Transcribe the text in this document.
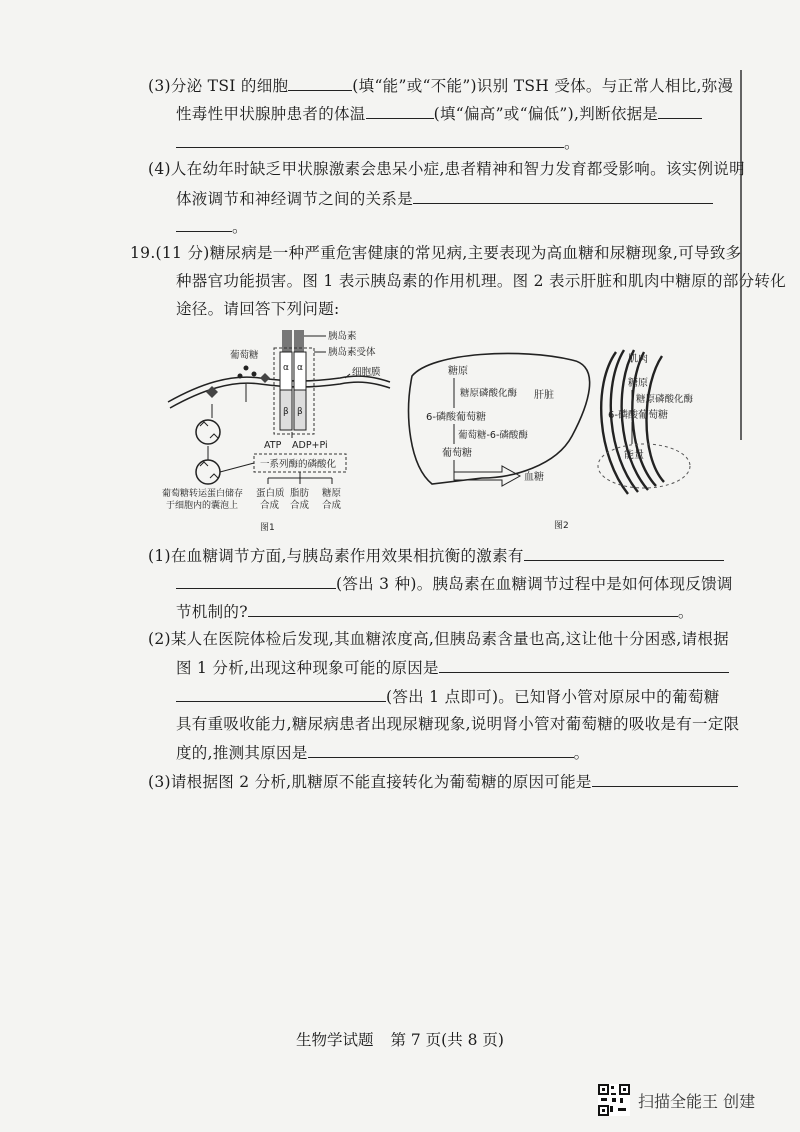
(3)分泌 TSI 的细胞	(填“能”或“不能”)识别 TSH 受体。与正常人相比,弥漫
性毒性甲状腺肿患者的体温	(填“偏高”或“偏低”),判断依据是
。
(4)人在幼年时缺乏甲状腺激素会患呆小症,患者精神和智力发育都受影响。该实例说明
体液调节和神经调节之间的关系是
。
19.(11 分)糖尿病是一种严重危害健康的常见病,主要表现为高血糖和尿糖现象,可导致多
种器官功能损害。图 1 表示胰岛素的作用机理。图 2 表示肝脏和肌肉中糖原的部分转化
途径。请回答下列问题:
α α
β β
胰岛素
胰岛素受体
细胞膜
葡萄糖
ATP ADP+Pi
一系列酶的磷酸化
蛋白质
合成
脂肪
合成
糖原
合成
葡萄糖转运蛋白储存
于细胞内的囊泡上
图1
糖原
糖原磷酸化酶
6-磷酸葡萄糖
葡萄糖-6-磷酸酶
葡萄糖
肝脏
血糖
肌肉
糖原
糖原磷酸化酶
6-磷酸葡萄糖
能量
图2
(1)在血糖调节方面,与胰岛素作用效果相抗衡的激素有
(答出 3 种)。胰岛素在血糖调节过程中是如何体现反馈调
节机制的?	。
(2)某人在医院体检后发现,其血糖浓度高,但胰岛素含量也高,这让他十分困惑,请根据
图 1 分析,出现这种现象可能的原因是
(答出 1 点即可)。已知肾小管对原尿中的葡萄糖
具有重吸收能力,糖尿病患者出现尿糖现象,说明肾小管对葡萄糖的吸收是有一定限
度的,推测其原因是	。
(3)请根据图 2 分析,肌糖原不能直接转化为葡萄糖的原因可能是
生物学试题 第 7 页(共 8 页)
扫描全能王 创建
